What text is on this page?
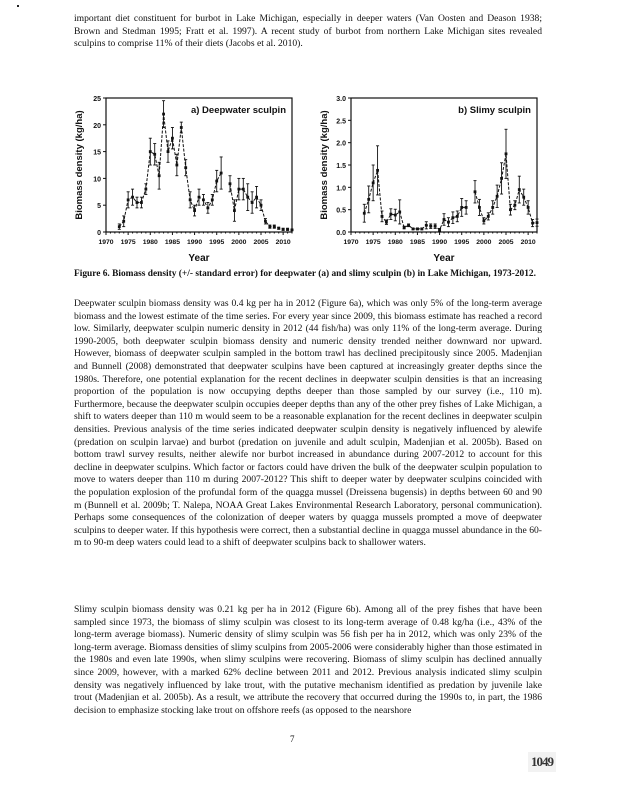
important diet constituent for burbot in Lake Michigan, especially in deeper waters (Van Oosten and Deason 1938; Brown and Stedman 1995; Fratt et al. 1997). A recent study of burbot from northern Lake Michigan sites revealed sculpins to comprise 11% of their diets (Jacobs et al. 2010).

0
5
10
15
20
25
1970 1975 1980 1985 1990 1995 2000 2005 2010
Year
Biomass density (kg/ha)	a) Deepwater sculpin
0.0
0.5
1.0
1.5
2.0
2.5
3.0
1970 1975 1980 1985 1990 1995 2000 2005 2010
Year
Biomass density (kg/ha)	b) Slimy sculpin

Figure 6. Biomass density (+/- standard error) for deepwater (a) and slimy sculpin (b) in Lake Michigan, 1973-2012.

Deepwater sculpin biomass density was 0.4 kg per ha in 2012 (Figure 6a), which was only 5% of the long-term average biomass and the lowest estimate of the time series. For every year since 2009, this biomass estimate has reached a record low. Similarly, deepwater sculpin numeric density in 2012 (44 fish/ha) was only 11% of the long-term average. During 1990-2005, both deepwater sculpin biomass density and numeric density trended neither downward nor upward. However, biomass of deepwater sculpin sampled in the bottom trawl has declined precipitously since 2005. Madenjian and Bunnell (2008) demonstrated that deepwater sculpins have been captured at increasingly greater depths since the 1980s. Therefore, one potential explanation for the recent declines in deepwater sculpin densities is that an increasing proportion of the population is now occupying depths deeper than those sampled by our survey (i.e., 110 m). Furthermore, because the deepwater sculpin occupies deeper depths than any of the other prey fishes of Lake Michigan, a shift to waters deeper than 110 m would seem to be a reasonable explanation for the recent declines in deepwater sculpin densities. Previous analysis of the time series indicated deepwater sculpin density is negatively influenced by alewife (predation on sculpin larvae) and burbot (predation on juvenile and adult sculpin, Madenjian et al. 2005b). Based on bottom trawl survey results, neither alewife nor burbot increased in abundance during 2007-2012 to account for this decline in deepwater sculpins. Which factor or factors could have driven the bulk of the deepwater sculpin population to move to waters deeper than 110 m during 2007-2012? This shift to deeper water by deepwater sculpins coincided with the population explosion of the profundal form of the quagga mussel (Dreissena bugensis) in depths between 60 and 90 m (Bunnell et al. 2009b; T. Nalepa, NOAA Great Lakes Environmental Research Laboratory, personal communication). Perhaps some consequences of the colonization of deeper waters by quagga mussels prompted a move of deepwater sculpins to deeper water. If this hypothesis were correct, then a substantial decline in quagga mussel abundance in the 60-m to 90-m deep waters could lead to a shift of deepwater sculpins back to shallower waters.

Slimy sculpin biomass density was 0.21 kg per ha in 2012 (Figure 6b). Among all of the prey fishes that have been sampled since 1973, the biomass of slimy sculpin was closest to its long-term average of 0.48 kg/ha (i.e., 43% of the long-term average biomass). Numeric density of slimy sculpin was 56 fish per ha in 2012, which was only 23% of the long-term average. Biomass densities of slimy sculpins from 2005-2006 were considerably higher than those estimated in the 1980s and even late 1990s, when slimy sculpins were recovering. Biomass of slimy sculpin has declined annually since 2009, however, with a marked 62% decline between 2011 and 2012. Previous analysis indicated slimy sculpin density was negatively influenced by lake trout, with the putative mechanism identified as predation by juvenile lake trout (Madenjian et al. 2005b). As a result, we attribute the recovery that occurred during the 1990s to, in part, the 1986 decision to emphasize stocking lake trout on offshore reefs (as opposed to the nearshore

7
1049
